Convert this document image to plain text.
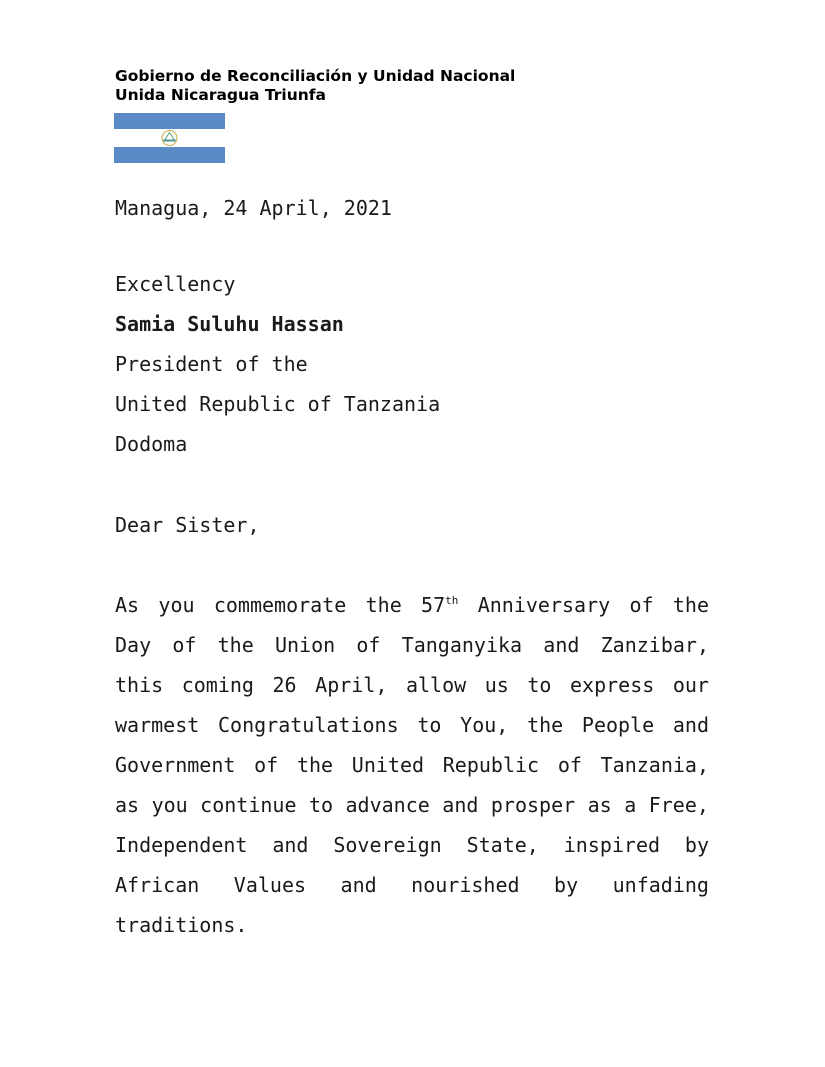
Gobierno de Reconciliación y Unidad Nacional
Unida Nicaragua Triunfa
Managua, 24 April, 2021
Excellency
Samia Suluhu Hassan
President of the
United Republic of Tanzania
Dodoma
Dear Sister,
As you commemorate the 57th Anniversary of the
Day of the Union of Tanganyika and Zanzibar,
this coming 26 April, allow us to express our
warmest Congratulations to You, the People and
Government of the United Republic of Tanzania,
as you continue to advance and prosper as a Free,
Independent and Sovereign State, inspired by
African Values and nourished by unfading
traditions.
